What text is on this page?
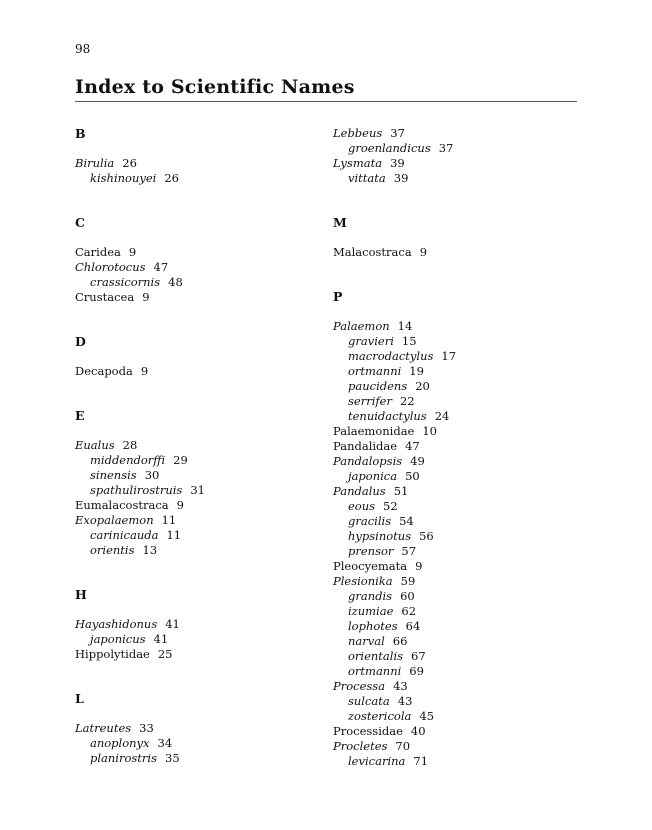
98
Index to Scientific Names
B
Birulia 26
kishinouyei 26
C
Caridea 9
Chlorotocus 47
crassicornis 48
Crustacea 9
D
Decapoda 9
E
Eualus 28
middendorffi 29
sinensis 30
spathulirostruis 31
Eumalacostraca 9
Exopalaemon 11
carinicauda 11
orientis 13
H
Hayashidonus 41
japonicus 41
Hippolytidae 25
L
Latreutes 33
anoplonyx 34
planirostris 35
Lebbeus 37
groenlandicus 37
Lysmata 39
vittata 39
M
Malacostraca 9
P
Palaemon 14
gravieri 15
macrodactylus 17
ortmanni 19
paucidens 20
serrifer 22
tenuidactylus 24
Palaemonidae 10
Pandalidae 47
Pandalopsis 49
japonica 50
Pandalus 51
eous 52
gracilis 54
hypsinotus 56
prensor 57
Pleocyemata 9
Plesionika 59
grandis 60
izumiae 62
lophotes 64
narval 66
orientalis 67
ortmanni 69
Processa 43
sulcata 43
zostericola 45
Processidae 40
Procletes 70
levicarina 71
